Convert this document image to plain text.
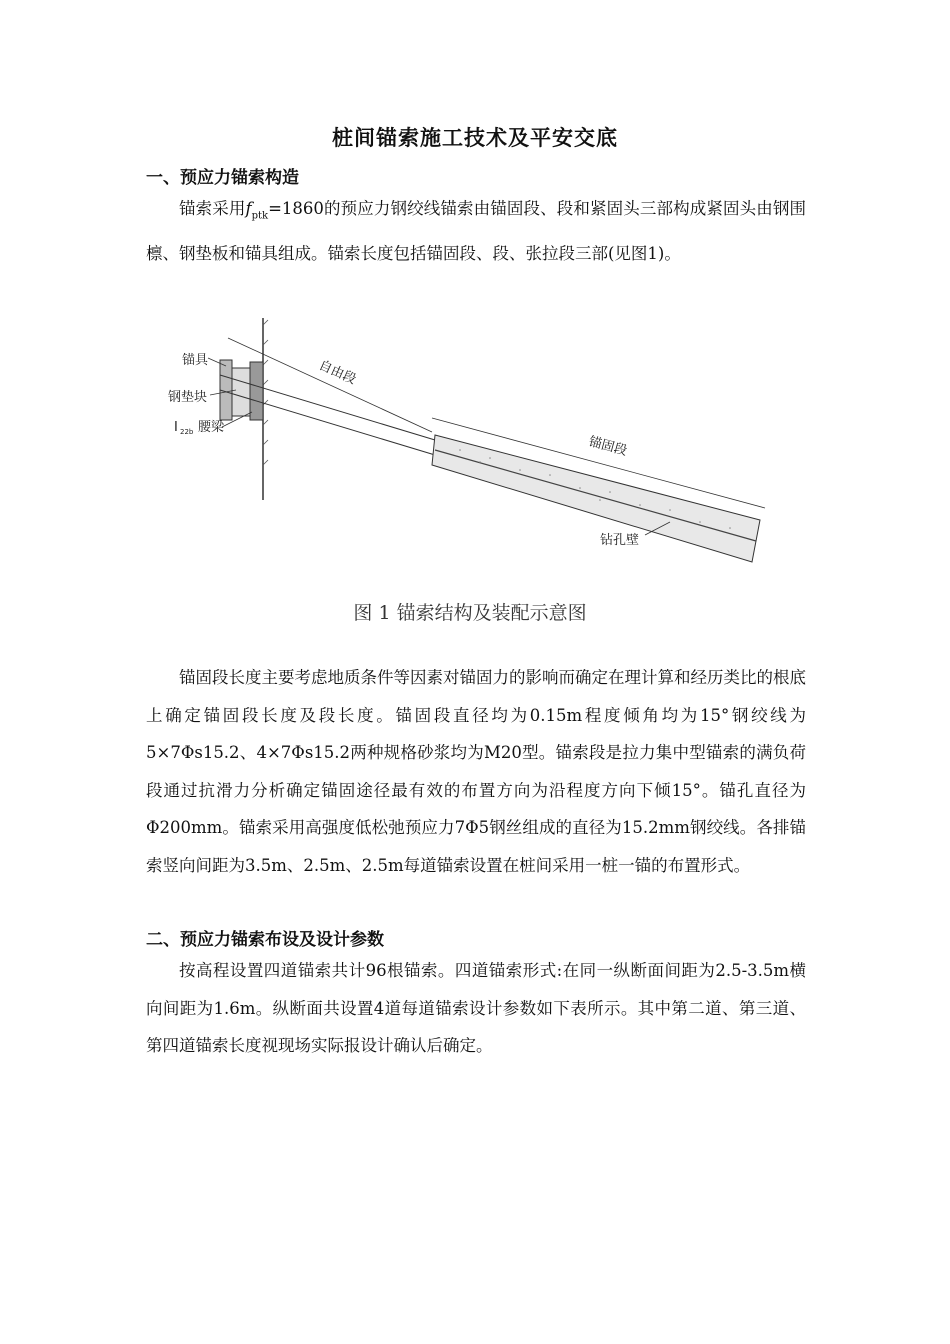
桩间锚索施工技术及平安交底
一、预应力锚索构造

锚索采用$f_{ptk}=1860$的预应力钢绞线锚索由锚固段、段和紧固头三部构成紧固头由钢围檩、钢垫板和锚具组成。锚索长度包括锚固段、段、张拉段三部(见图1)。

锚具
钢垫块
I 22b 腰梁
自由段
锚固段
钻孔壁
图 1 锚索结构及装配示意图

锚固段长度主要考虑地质条件等因素对锚固力的影响而确定在理计算和经历类比的根底上确定锚固段长度及段长度。锚固段直径均为0.15m程度倾角均为15°钢绞线为5×7Φs15.2、4×7Φs15.2两种规格砂浆均为M20型。锚索段是拉力集中型锚索的满负荷段通过抗滑力分析确定锚固途径最有效的布置方向为沿程度方向下倾15°。锚孔直径为Φ200mm。锚索采用高强度低松弛预应力7Φ5钢丝组成的直径为15.2mm钢绞线。各排锚索竖向间距为3.5m、2.5m、2.5m每道锚索设置在桩间采用一桩一锚的布置形式。

二、预应力锚索布设及设计参数

按高程设置四道锚索共计96根锚索。四道锚索形式:在同一纵断面间距为2.5-3.5m横向间距为1.6m。纵断面共设置4道每道锚索设计参数如下表所示。其中第二道、第三道、第四道锚索长度视现场实际报设计确认后确定。
